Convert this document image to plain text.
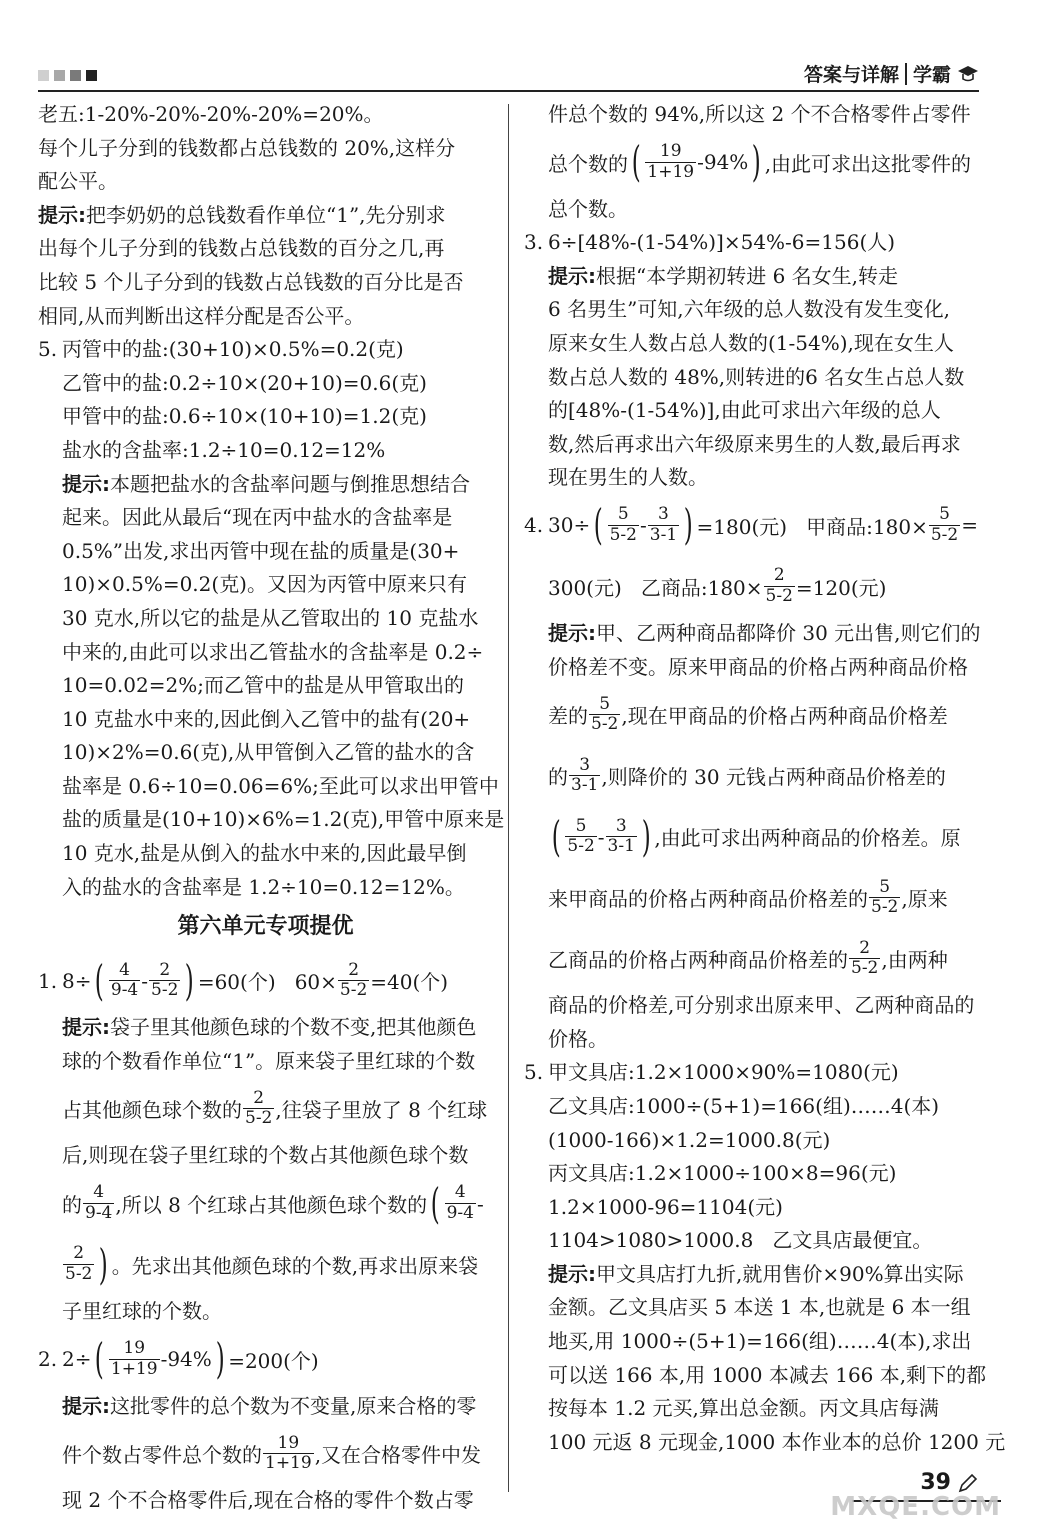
答案与详解 学霸
老五:1-20%-20%-20%-20%=20%。
每个儿子分到的钱数都占总钱数的 20%,这样分
配公平。
提示:把李奶奶的总钱数看作单位“1”,先分别求
出每个儿子分到的钱数占总钱数的百分之几,再
比较 5 个儿子分到的钱数占总钱数的百分比是否
相同,从而判断出这样分配是否公平。
5. 丙管中的盐:(30+10)×0.5%=0.2(克)
乙管中的盐:0.2÷10×(20+10)=0.6(克)
甲管中的盐:0.6÷10×(10+10)=1.2(克)
盐水的含盐率:1.2÷10=0.12=12%
提示:本题把盐水的含盐率问题与倒推思想结合
起来。因此从最后“现在丙中盐水的含盐率是
0.5%”出发,求出丙管中现在盐的质量是(30+
10)×0.5%=0.2(克)。又因为丙管中原来只有
30 克水,所以它的盐是从乙管取出的 10 克盐水
中来的,由此可以求出乙管盐水的含盐率是 0.2÷
10=0.02=2%;而乙管中的盐是从甲管取出的
10 克盐水中来的,因此倒入乙管中的盐有(20+
10)×2%=0.6(克),从甲管倒入乙管的盐水的含
盐率是 0.6÷10=0.06=6%;至此可以求出甲管中
盐的质量是(10+10)×6%=1.2(克),甲管中原来是
10 克水,盐是从倒入的盐水中来的,因此最早倒
入的盐水的含盐率是 1.2÷10=0.12=12%。
第六单元专项提优
1. 8÷ ( 4
9-4 - 2
5-2 ) =60(个)   $60\times \frac{2}{5-2} =40$(个)
提示:袋子里其他颜色球的个数不变,把其他颜色
球的个数看作单位“1”。原来袋子里红球的个数
占其他颜色球个数的
2
5-2 ,往袋子里放了 8 个红球
后,则现在袋子里红球的个数占其他颜色球个数
的
4
9-4 ,所以 8 个红球占其他颜色球个数的 ( 4
9-4 -
2
5-2 ) 。先求出其他颜色球的个数,再求出原来袋
子里红球的个数。
2. 2÷ ( 19
1+19 -94% ) =200(个)
提示:这批零件的总个数为不变量,原来合格的零
件个数占零件总个数的
19
1+19 ,又在合格零件中发
现 2 个不合格零件后,现在合格的零件个数占零
件总个数的 94%,所以这 2 个不合格零件占零件
总个数的 ( 19
1+19 -94% ) ,由此可求出这批零件的
总个数。
3. 6÷[48%-(1-54%)]×54%-6=156(人)
提示:根据“本学期初转进 6 名女生,转走
6 名男生”可知,六年级的总人数没有发生变化,
原来女生人数占总人数的(1-54%),现在女生人
数占总人数的 48%,则转进的6 名女生占总人数
的[48%-(1-54%)],由此可求出六年级的总人
数,然后再求出六年级原来男生的人数,最后再求
现在男生的人数。
4. 30÷ ( 5
5-2 - 3
3-1 ) =180(元)   甲商品:180× $\frac{5}{5-2}$ =
300(元)   乙商品:180× $\frac{2}{5-2} =120$(元)
提示:甲、乙两种商品都降价 30 元出售,则它们的
价格差不变。原来甲商品的价格占两种商品价格
差的
5
5-2 ,现在甲商品的价格占两种商品价格差
的
3
3-1 ,则降价的 30 元钱占两种商品价格差的
( 5
5-2 - 3
3-1 ) ,由此可求出两种商品的价格差。原
来甲商品的价格占两种商品价格差的
5
5-2 ,原来
乙商品的价格占两种商品价格差的
2
5-2 ,由两种
商品的价格差,可分别求出原来甲、乙两种商品的
价格。
5. 甲文具店:1.2×1000×90%=1080(元)
乙文具店:1000÷(5+1)=166(组)……4(本)
(1000-166)×1.2=1000.8(元)
丙文具店:1.2×1000÷100×8=96(元)
1.2×1000-96=1104(元)
1104>1080>1000.8   乙文具店最便宜。
提示:甲文具店打九折,就用售价×90%算出实际
金额。乙文具店买 5 本送 1 本,也就是 6 本一组
地买,用 1000÷(5+1)=166(组)……4(本),求出
可以送 166 本,用 1000 本减去 166 本,剩下的都
按每本 1.2 元买,算出总金额。丙文具店每满
100 元返 8 元现金,1000 本作业本的总价 1200 元
39
MXQE.COM
